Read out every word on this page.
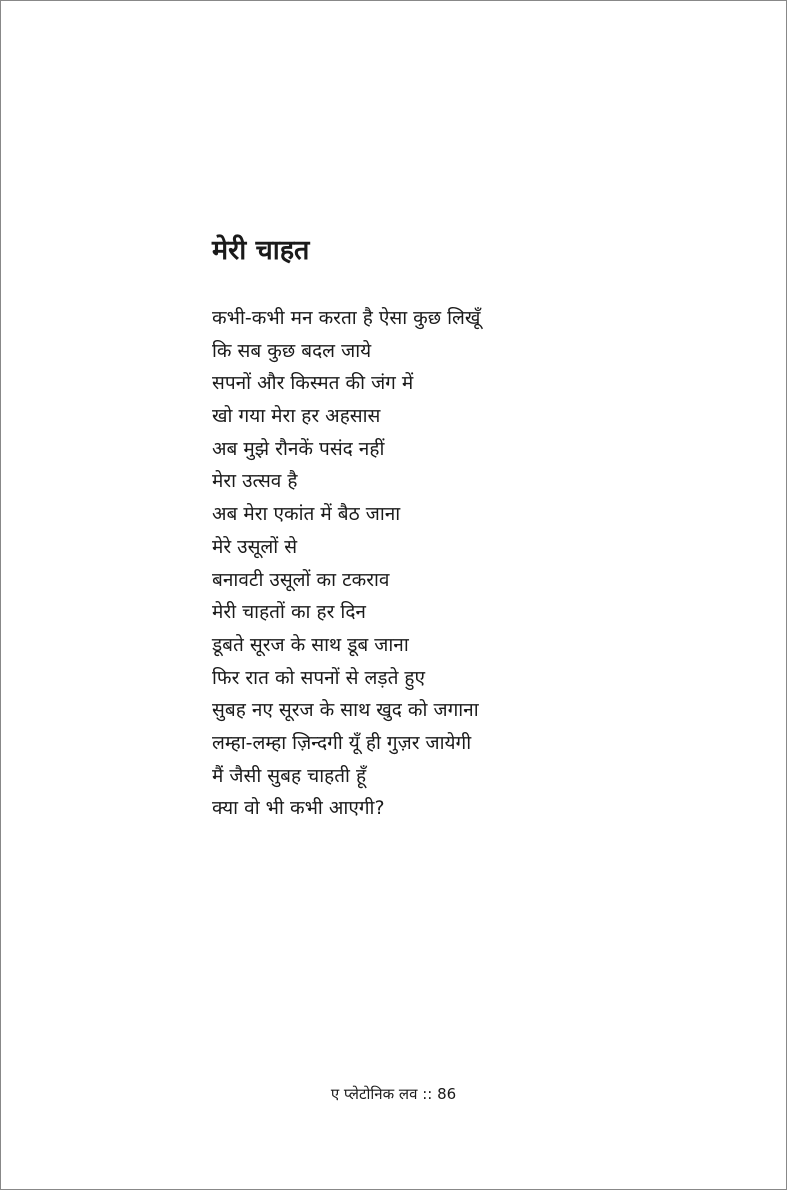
मेरी चाहत
कभी-कभी मन करता है ऐसा कुछ लिखूँ
कि सब कुछ बदल जाये
सपनों और किस्मत की जंग में
खो गया मेरा हर अहसास
अब मुझे रौनकें पसंद नहीं
मेरा उत्सव है
अब मेरा एकांत में बैठ जाना
मेरे उसूलों से
बनावटी उसूलों का टकराव
मेरी चाहतों का हर दिन
डूबते सूरज के साथ डूब जाना
फिर रात को सपनों से लड़ते हुए
सुबह नए सूरज के साथ खुद को जगाना
लम्हा-लम्हा ज़िन्दगी यूँ ही गुज़र जायेगी
मैं जैसी सुबह चाहती हूँ
क्या वो भी कभी आएगी?
ए प्लेटोनिक लव :: 86
